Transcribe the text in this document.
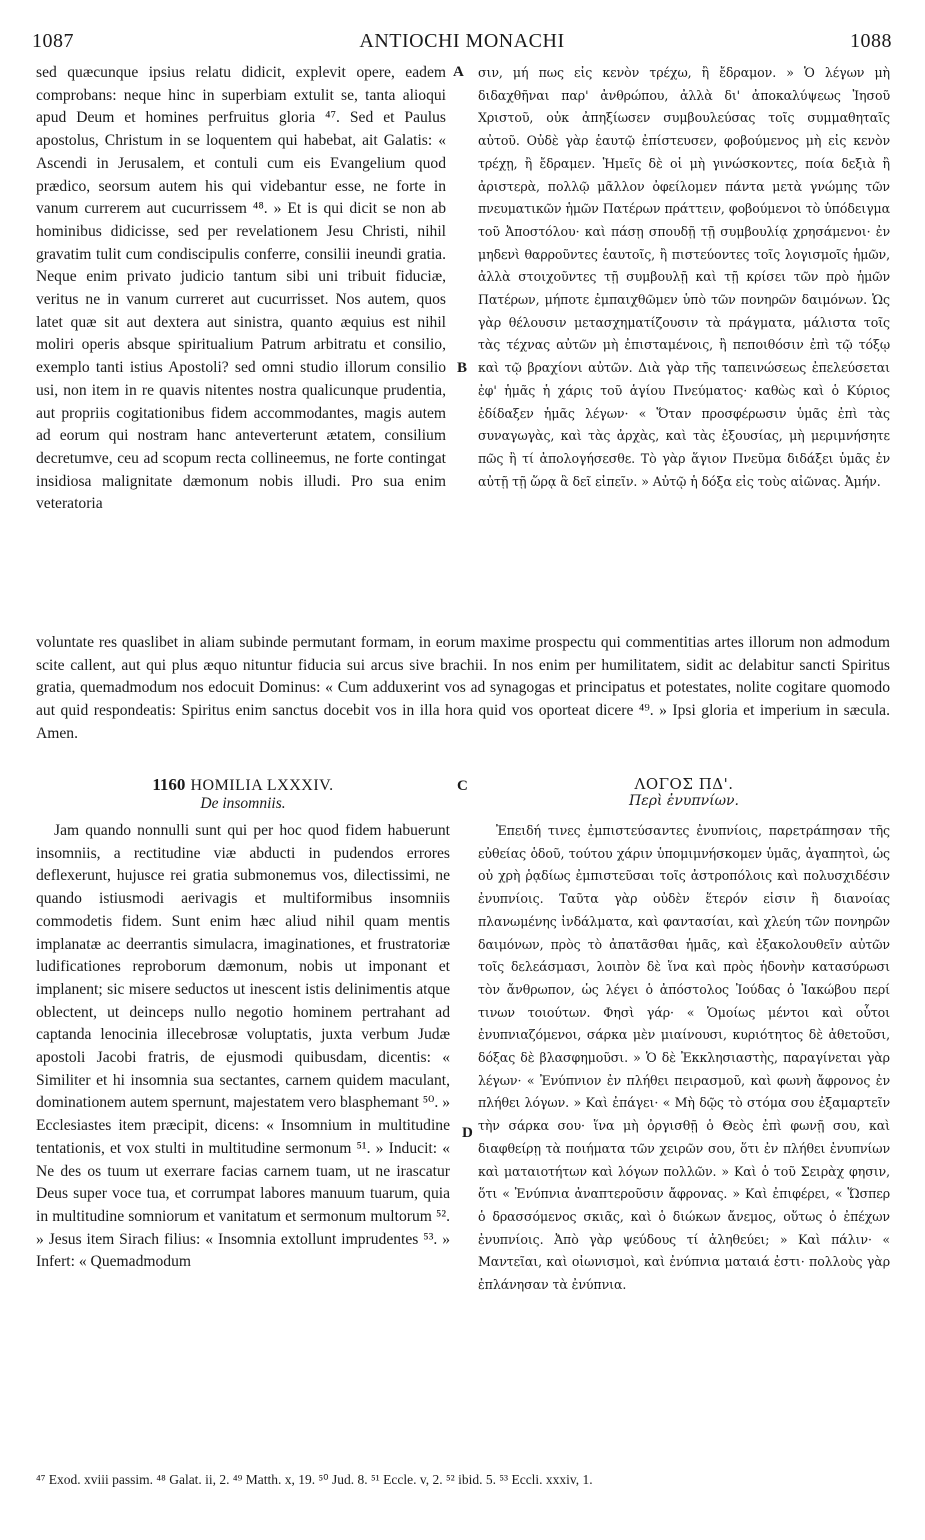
1087	ANTIOCHI MONACHI	1088

sed quæcunque ipsius relatu didicit, explevit opere, eadem comprobans: neque hinc in superbiam extulit se, tanta alioqui apud Deum et homines perfruitus gloria ⁴⁷. Sed et Paulus apostolus, Christum in se loquentem qui habebat, ait Galatis: « Ascendi in Jerusalem, et contuli cum eis Evangelium quod prædico, seorsum autem his qui videbantur esse, ne forte in vanum currerem aut cucurrissem ⁴⁸. » Et is qui dicit se non ab hominibus didicisse, sed per revelationem Jesu Christi, nihil gravatim tulit cum condiscipulis conferre, consilii ineundi gratia. Neque enim privato judicio tantum sibi uni tribuit fiduciæ, veritus ne in vanum curreret aut cucurrisset. Nos autem, quos latet quæ sit aut dextera aut sinistra, quanto æquius est nihil moliri operis absque spiritualium Patrum arbitratu et consilio, exemplo tanti istius Apostoli? sed omni studio illorum consilio usi, non item in re quavis nitentes nostra qualicunque prudentia, aut propriis cogitationibus fidem accommodantes, magis autem ad eorum qui nostram hanc anteverterunt ætatem, consilium decretumve, ceu ad scopum recta collineemus, ne forte contingat insidiosa malignitate dæmonum nobis illudi. Pro sua enim veteratoria

A
B

σιν, μή πως εἰς κενὸν τρέχω, ἢ ἔδραμον. » Ὁ λέγων μὴ διδαχθῆναι παρ' ἀνθρώπου, ἀλλὰ δι' ἀποκαλύψεως Ἰησοῦ Χριστοῦ, οὐκ ἀπηξίωσεν συμβουλεύσας τοῖς συμμαθηταῖς αὐτοῦ. Οὐδὲ γὰρ ἑαυτῷ ἐπίστευσεν, φοβούμενος μὴ εἰς κενὸν τρέχῃ, ἢ ἔδραμεν. Ἡμεῖς δὲ οἱ μὴ γινώσκοντες, ποία δεξιὰ ἢ ἀριστερὰ, πολλῷ μᾶλλον ὀφείλομεν πάντα μετὰ γνώμης τῶν πνευματικῶν ἡμῶν Πατέρων πράττειν, φοβούμενοι τὸ ὑπόδειγμα τοῦ Ἀποστόλου· καὶ πάσῃ σπουδῇ τῇ συμβουλίᾳ χρησάμενοι· ἐν μηδενὶ θαρροῦντες ἑαυτοῖς, ἢ πιστεύοντες τοῖς λογισμοῖς ἡμῶν, ἀλλὰ στοιχοῦντες τῇ συμβουλῇ καὶ τῇ κρίσει τῶν πρὸ ἡμῶν Πατέρων, μήποτε ἐμπαιχθῶμεν ὑπὸ τῶν πονηρῶν δαιμόνων. Ὡς γὰρ θέλουσιν μετασχηματίζουσιν τὰ πράγματα, μάλιστα τοῖς τὰς τέχνας αὐτῶν μὴ ἐπισταμένοις, ἢ πεποιθόσιν ἐπὶ τῷ τόξῳ καὶ τῷ βραχίονι αὐτῶν. Διὰ γὰρ τῆς ταπεινώσεως ἐπελεύσεται ἐφ' ἡμᾶς ἡ χάρις τοῦ ἁγίου Πνεύματος· καθὼς καὶ ὁ Κύριος ἐδίδαξεν ἡμᾶς λέγων· « Ὅταν προσφέρωσιν ὑμᾶς ἐπὶ τὰς συναγωγὰς, καὶ τὰς ἀρχὰς, καὶ τὰς ἐξουσίας, μὴ μεριμνήσητε πῶς ἢ τί ἀπολογήσεσθε. Τὸ γὰρ ἅγιον Πνεῦμα διδάξει ὑμᾶς ἐν αὐτῇ τῇ ὥρᾳ ἃ δεῖ εἰπεῖν. » Αὐτῷ ἡ δόξα εἰς τοὺς αἰῶνας. Ἀμήν.

voluntate res quaslibet in aliam subinde permutant formam, in eorum maxime prospectu qui commentitias artes illorum non admodum scite callent, aut qui plus æquo nituntur fiducia sui arcus sive brachii. In nos enim per humilitatem, sidit ac delabitur sancti Spiritus gratia, quemadmodum nos edocuit Dominus: « Cum adduxerint vos ad synagogas et principatus et potestates, nolite cogitare quomodo aut quid respondeatis: Spiritus enim sanctus docebit vos in illa hora quid vos oporteat dicere ⁴⁹. » Ipsi gloria et imperium in sæcula. Amen.

1160 HOMILIA LXXXIV.
De insomniis.
C	ΛΟΓΟΣ ΠΔ'.
Περὶ ἐνυπνίων.

Jam quando nonnulli sunt qui per hoc quod fidem habuerunt insomniis, a rectitudine viæ abducti in pudendos errores deflexerunt, hujusce rei gratia submonemus vos, dilectissimi, ne quando istiusmodi aerivagis et multiformibus insomniis commodetis fidem. Sunt enim hæc aliud nihil quam mentis implanatæ ac deerrantis simulacra, imaginationes, et frustratoriæ ludificationes reproborum dæmonum, nobis ut imponant et implanent; sic misere seductos ut inescent istis delinimentis atque oblectent, ut deinceps nullo negotio hominem pertrahant ad captanda lenocinia illecebrosæ voluptatis, juxta verbum Judæ apostoli Jacobi fratris, de ejusmodi quibusdam, dicentis: « Similiter et hi insomnia sua sectantes, carnem quidem maculant, dominationem autem spernunt, majestatem vero blasphemant ⁵⁰. » Ecclesiastes item præcipit, dicens: « Insomnium in multitudine tentationis, et vox stulti in multitudine sermonum ⁵¹. » Inducit: « Ne des os tuum ut exerrare facias carnem tuam, ut ne irascatur Deus super voce tua, et corrumpat labores manuum tuarum, quia in multitudine somniorum et vanitatum et sermonum multorum ⁵². » Jesus item Sirach filius: « Insomnia extollunt imprudentes ⁵³. » Infert: « Quemadmodum

D

Ἐπειδή τινες ἐμπιστεύσαντες ἐνυπνίοις, παρετράπησαν τῆς εὐθείας ὁδοῦ, τούτου χάριν ὑπομιμνήσκομεν ὑμᾶς, ἀγαπητοὶ, ὡς οὐ χρὴ ῥᾳδίως ἐμπιστεῦσαι τοῖς ἀστροπόλοις καὶ πολυσχιδέσιν ἐνυπνίοις. Ταῦτα γὰρ οὐδὲν ἕτερόν εἰσιν ἢ διανοίας πλανωμένης ἰνδάλματα, καὶ φαντασίαι, καὶ χλεύη τῶν πονηρῶν δαιμόνων, πρὸς τὸ ἀπατᾶσθαι ἡμᾶς, καὶ ἐξακολουθεῖν αὐτῶν τοῖς δελεάσμασι, λοιπὸν δὲ ἵνα καὶ πρὸς ἡδονὴν κατασύρωσι τὸν ἄνθρωπον, ὡς λέγει ὁ ἀπόστολος Ἰούδας ὁ Ἰακώβου περί τινων τοιούτων. Φησὶ γάρ· « Ὁμοίως μέντοι καὶ οὗτοι ἐνυπνιαζόμενοι, σάρκα μὲν μιαίνουσι, κυριότητος δὲ ἀθετοῦσι, δόξας δὲ βλασφημοῦσι. » Ὁ δὲ Ἐκκλησιαστὴς, παραγίνεται γὰρ λέγων· « Ἐνύπνιον ἐν πλήθει πειρασμοῦ, καὶ φωνὴ ἄφρονος ἐν πλήθει λόγων. » Καὶ ἐπάγει· « Μὴ δῷς τὸ στόμα σου ἐξαμαρτεῖν τὴν σάρκα σου· ἵνα μὴ ὀργισθῇ ὁ Θεὸς ἐπὶ φωνῇ σου, καὶ διαφθείρῃ τὰ ποιήματα τῶν χειρῶν σου, ὅτι ἐν πλήθει ἐνυπνίων καὶ ματαιοτήτων καὶ λόγων πολλῶν. » Καὶ ὁ τοῦ Σειρὰχ φησιν, ὅτι « Ἐνύπνια ἀναπτεροῦσιν ἄφρονας. » Καὶ ἐπιφέρει, « Ὥσπερ ὁ δρασσόμενος σκιᾶς, καὶ ὁ διώκων ἄνεμος, οὕτως ὁ ἐπέχων ἐνυπνίοις. Ἀπὸ γὰρ ψεύδους τί ἀληθεύει; » Καὶ πάλιν· « Μαντεῖαι, καὶ οἰωνισμοὶ, καὶ ἐνύπνια ματαιά ἐστι· πολλοὺς γὰρ ἐπλάνησαν τὰ ἐνύπνια.

⁴⁷ Exod. xviii passim. ⁴⁸ Galat. ii, 2. ⁴⁹ Matth. x, 19. ⁵⁰ Jud. 8. ⁵¹ Eccle. v, 2. ⁵² ibid. 5. ⁵³ Eccli. xxxiv, 1.
